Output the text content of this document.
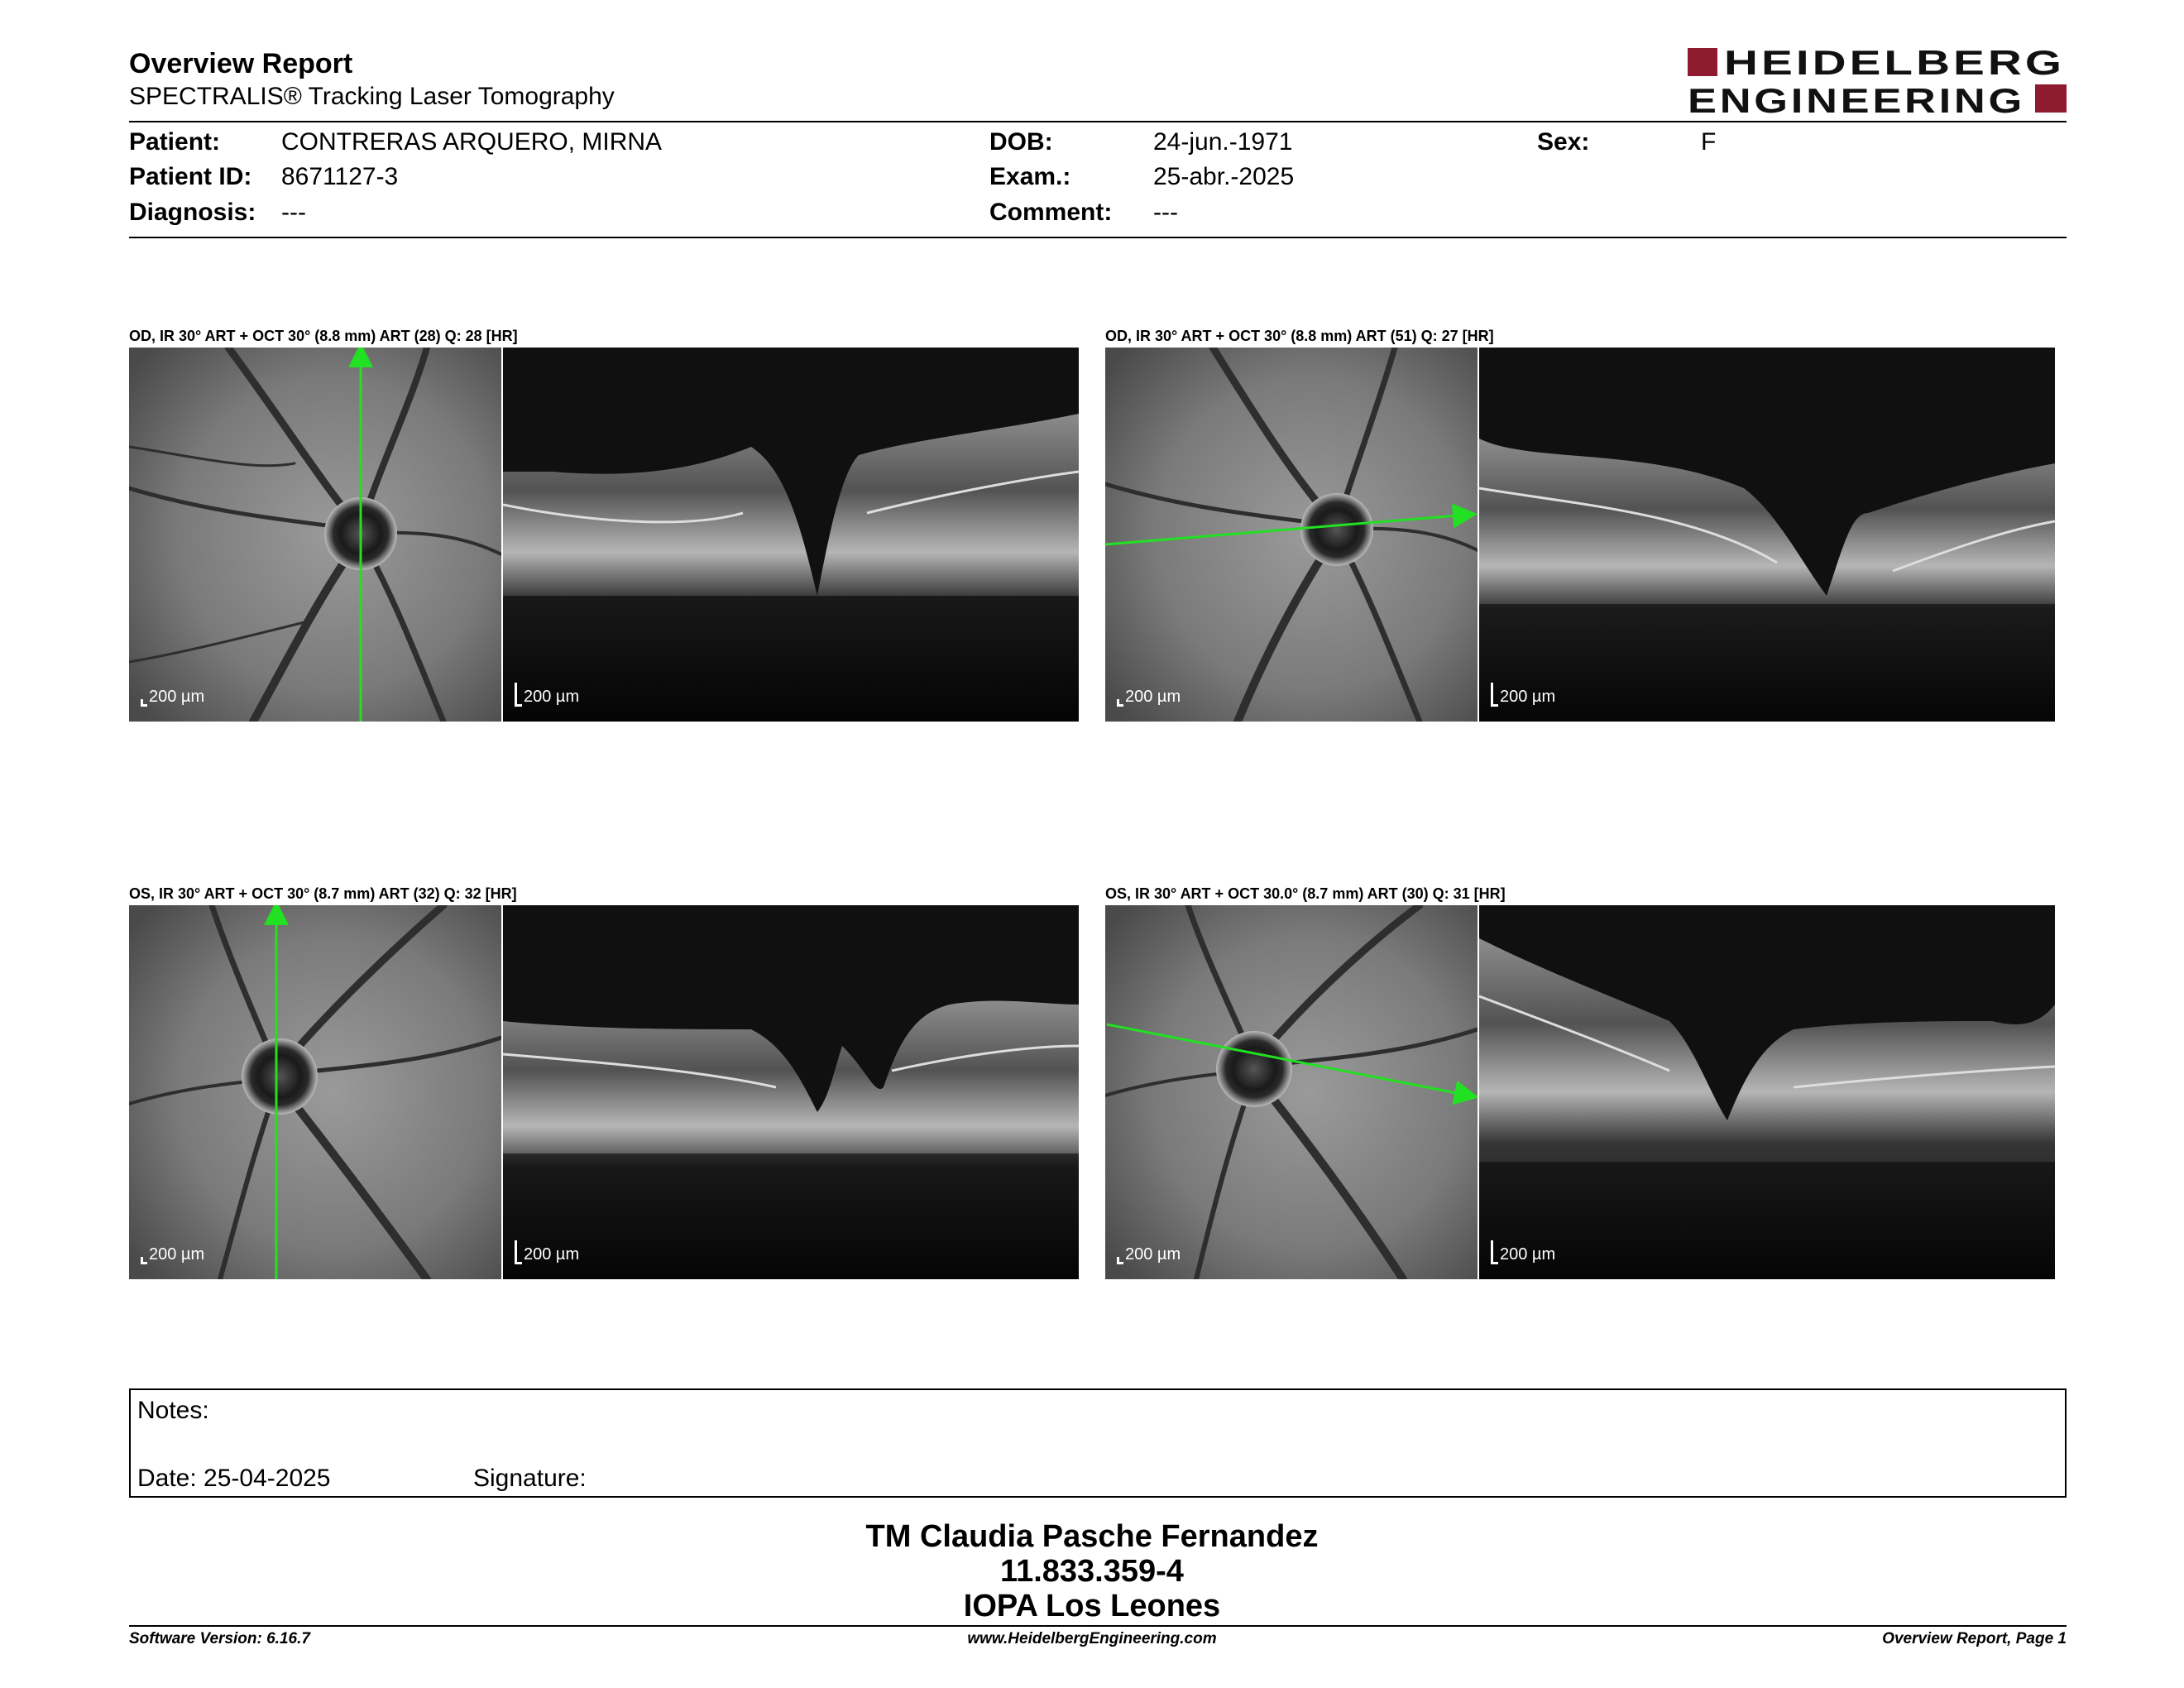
Overview Report
SPECTRALIS® Tracking Laser Tomography
HEIDELBERG
ENGINEERING
Patient: CONTRERAS ARQUERO, MIRNA
Patient ID: 8671127-3
Diagnosis: ---
DOB:	24-jun.-1971
Exam.:	25-abr.-2025
Comment: ---
Sex:	F
OD, IR 30° ART + OCT 30° (8.8 mm) ART (28) Q: 28 [HR]
200 µm	200 µm
OD, IR 30° ART + OCT 30° (8.8 mm) ART (51) Q: 27 [HR]
200 µm	200 µm
OS, IR 30° ART + OCT 30° (8.7 mm) ART (32) Q: 32 [HR]
200 µm	200 µm
OS, IR 30° ART + OCT 30.0° (8.7 mm) ART (30) Q: 31 [HR]
200 µm	200 µm
Notes:
Date: 25-04-2025	Signature:
TM Claudia Pasche Fernandez
11.833.359-4
IOPA Los Leones
Software Version: 6.16.7	www.HeidelbergEngineering.com	Overview Report, Page 1
